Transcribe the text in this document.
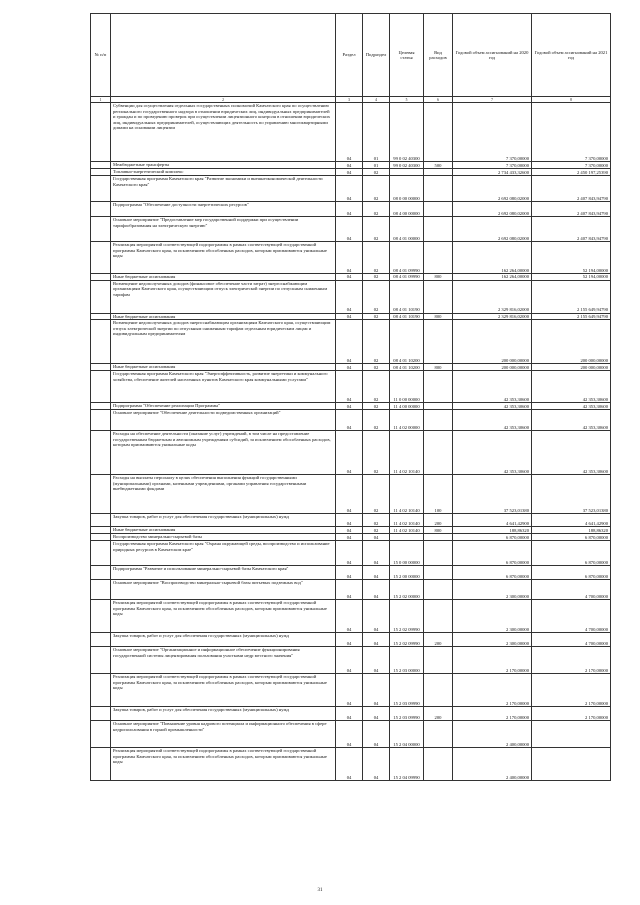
№ п/п		Раздел	Подраздел	Целевая статья	Вид расходов	Годовой объем ассигнований на 2020 год	Годовой объем ассигнований на 2021 год
1	2	3	4	5	6	7	8
	Субвенции для осуществления отдельных государственных полномочий Камчатского края по осуществлению регионального государственного надзора в отношении юридических лиц, индивидуальных предпринимателей и граждан и по проведению проверок при осуществлении лицензионного контроля в отношении юридических лиц, индивидуальных предпринимателей, осуществляющих деятельность по управлению многоквартирными домами на основании лицензии	04	01	99 0 02 40300		7 370,00000	7 370,00000
	Межбюджетные трансферты	04	01	99 0 02 40300	500	7 370,00000	7 370,00000
	Топливно-энергетический комплекс	04	02			2 734 433,32600	2 450 197,25390
	Государственная программа Камчатского края "Развитие экономики и внешнеэкономической деятельности Камчатского края"	04	02	08 0 00 00000		2 692 080,02000	2 407 843,94790
	Подпрограмма "Обеспечение доступности энергетических ресурсов"	04	02	08 4 00 00000		2 692 080,02000	2 407 843,94790
	Основное мероприятие "Предоставление мер государственной поддержки при осуществлении тарифообразования на электрическую энергию"	04	02	08 4 01 00000		2 692 080,02000	2 407 843,94790
	Реализация мероприятий соответствующей подпрограммы в рамках соответствующей государственной программы Камчатского края, за исключением обособленных расходов, которым присваиваются уникальные коды	04	02	08 4 01 09990		162 264,00000	52 194,00000
	Иные бюджетные ассигнования	04	02	08 4 01 09990	800	162 264,00000	52 194,00000
	Возмещение недополученных доходов (финансовое обеспечение части затрат) энергоснабжающим организациям Камчатского края, осуществляющим отпуск электрической энергии по отпускным сниженным тарифам	04	02	08 4 01 10190		2 329 816,02000	2 155 649,94790
	Иные бюджетные ассигнования	04	02	08 4 01 10190	800	2 329 816,02000	2 155 649,94790
	Возмещение недополученных доходов энергоснабжающим организациям Камчатского края, осуществляющим отпуск электрической энергии по отпускным сниженным тарифам отдельным юридическим лицам и индивидуальным предпринимателям	04	02	08 4 01 10200		200 000,00000	200 000,00000
	Иные бюджетные ассигнования	04	02	08 4 01 10200	800	200 000,00000	200 000,00000
	Государственная программа Камчатского края "Энергоэффективность, развитие энергетики и коммунального хозяйства, обеспечение жителей населенных пунктов Камчатского края коммунальными услугами"	04	02	11 0 00 00000		42 353,30600	42 353,30600
	Подпрограмма "Обеспечение реализации Программы"	04	02	11 4 00 00000		42 353,30600	42 353,30600
	Основное мероприятие "Обеспечение деятельности подведомственных организаций"	04	02	11 4 02 00000		42 353,30600	42 353,30600
	Расходы на обеспечение деятельности (оказание услуг) учреждений, в том числе на предоставление государственным бюджетным и автономным учреждениям субсидий, за исключением обособленных расходов, которым присваиваются уникальные коды	04	02	11 4 02 10140		42 353,30600	42 353,30600
	Расходы на выплаты персоналу в целях обеспечения выполнения функций государственными (муниципальными) органами, казенными учреждениями, органами управления государственными внебюджетными фондами	04	02	11 4 02 10140	100	37 523,01380	37 523,01380
	Закупка товаров, работ и услуг для обеспечения государственных (муниципальных) нужд	04	02	11 4 02 10140	200	4 641,42900	4 641,42900
	Иные бюджетные ассигнования	04	02	11 4 02 10140	800	188,86320	188,86320
	Воспроизводство минерально-сырьевой базы	04	04			6 870,00000	6 870,00000
	Государственная программа Камчатского края "Охрана окружающей среды, воспроизводство и использование природных ресурсов в Камчатском крае"	04	04	15 0 00 00000		6 870,00000	6 870,00000
	Подпрограмма "Развитие и использование минерально-сырьевой базы Камчатского края"	04	04	15 2 00 00000		6 870,00000	6 870,00000
	Основное мероприятие "Воспроизводство минерально-сырьевой базы питьевых подземных вод"	04	04	15 2 02 00000		2 300,00000	4 700,00000
	Реализация мероприятий соответствующей подпрограммы в рамках соответствующей государственной программы Камчатского края, за исключением обособленных расходов, которым присваиваются уникальные коды	04	04	15 2 02 09990		2 300,00000	4 700,00000
	Закупка товаров, работ и услуг для обеспечения государственных (муниципальных) нужд	04	04	15 2 02 09990	200	2 300,00000	4 700,00000
	Основное мероприятие "Организационное и информационное обеспечение функционирования государственной системы лицензирования пользования участками недр местного значения"	04	04	15 2 03 00000		2 170,00000	2 170,00000
	Реализация мероприятий соответствующей подпрограммы в рамках соответствующей государственной программы Камчатского края, за исключением обособленных расходов, которым присваиваются уникальные коды	04	04	15 2 03 09990		2 170,00000	2 170,00000
	Закупка товаров, работ и услуг для обеспечения государственных (муниципальных) нужд	04	04	15 2 03 09990	200	2 170,00000	2 170,00000
	Основное мероприятие "Повышение уровня кадрового потенциала и информационного обеспечения в сфере недропользования в горной промышленности"	04	04	15 2 04 00000		2 400,00000	
	Реализация мероприятий соответствующей подпрограммы в рамках соответствующей государственной программы Камчатского края, за исключением обособленных расходов, которым присваиваются уникальные коды	04	04	15 2 04 09990		2 400,00000	
31
